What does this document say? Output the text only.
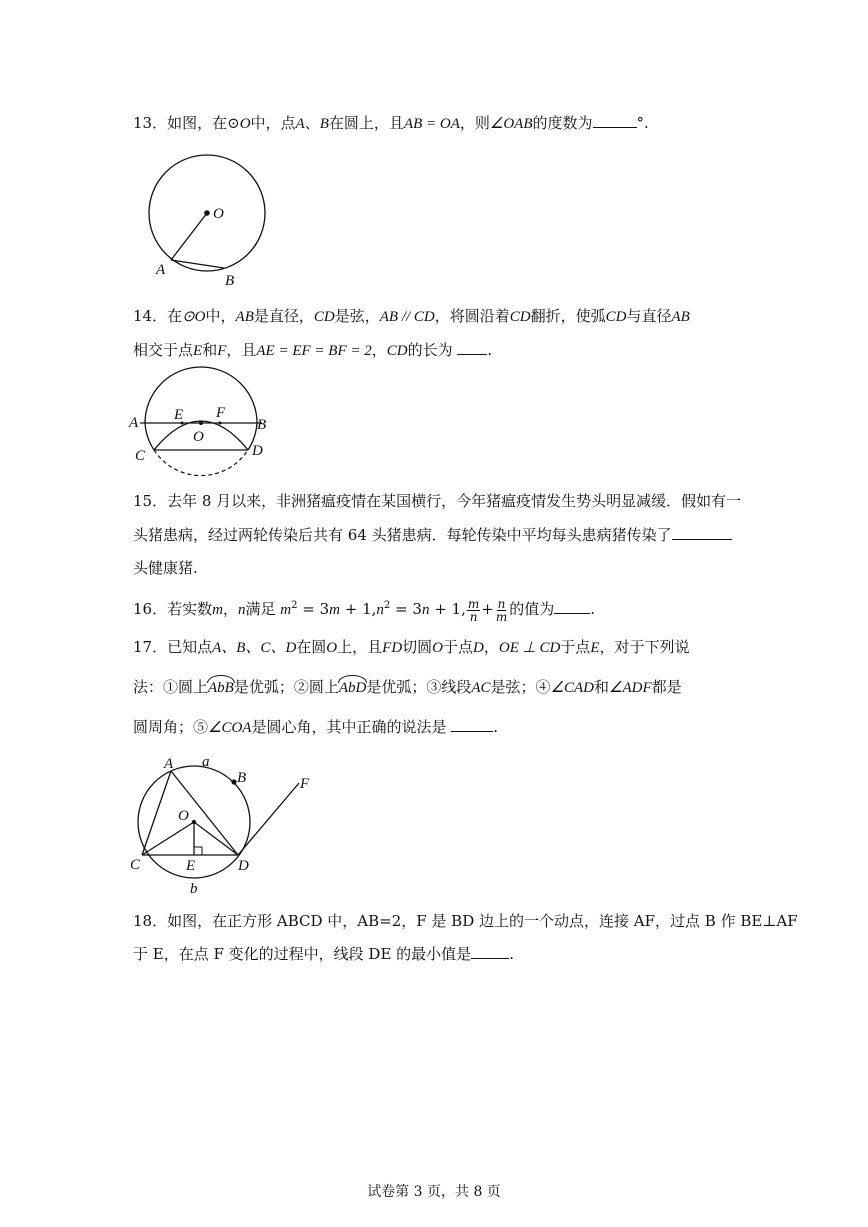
13．如图，在⊙O中，点A、B在圆上，且AB = OA，则∠OAB的度数为	°.
O
A
B
14．在⊙O中，AB是直径，CD是弦，AB // CD，将圆沿着CD翻折，使弧CD与直径AB
相交于点E和F，且AE = EF = BF = 2，CD的长为 .
A	B
C	D
E F
O
15．去年 8 月以来，非洲猪瘟疫情在某国横行，今年猪瘟疫情发生势头明显减缓．假如有一
头猪患病，经过两轮传染后共有 64 头猪患病．每轮传染中平均每头患病猪传染了
头健康猪.
16．若实数m，n满足 $m^2 = 3m + 1,n^2 = 3n + 1$, $\frac{m}{n} + \frac{n}{m}$ 的值为 .
17．已知点A、B、C、D在圆O上，且FD切圆O于点D，OE ⊥ CD于点E，对于下列说
法：①圆上AbB是优弧；②圆上AbD是优弧；③线段AC是弦；④∠CAD和∠ADF都是
圆周角；⑤∠COA是圆心角，其中正确的说法是	.
A a
B
O
C	E	D
F
b
18．如图，在正方形 ABCD 中，AB=2，F 是 BD 边上的一个动点，连接 AF，过点 B 作 BE⊥AF
于 E，在点 F 变化的过程中，线段 DE 的最小值是	.
试卷第 3 页，共 8 页
